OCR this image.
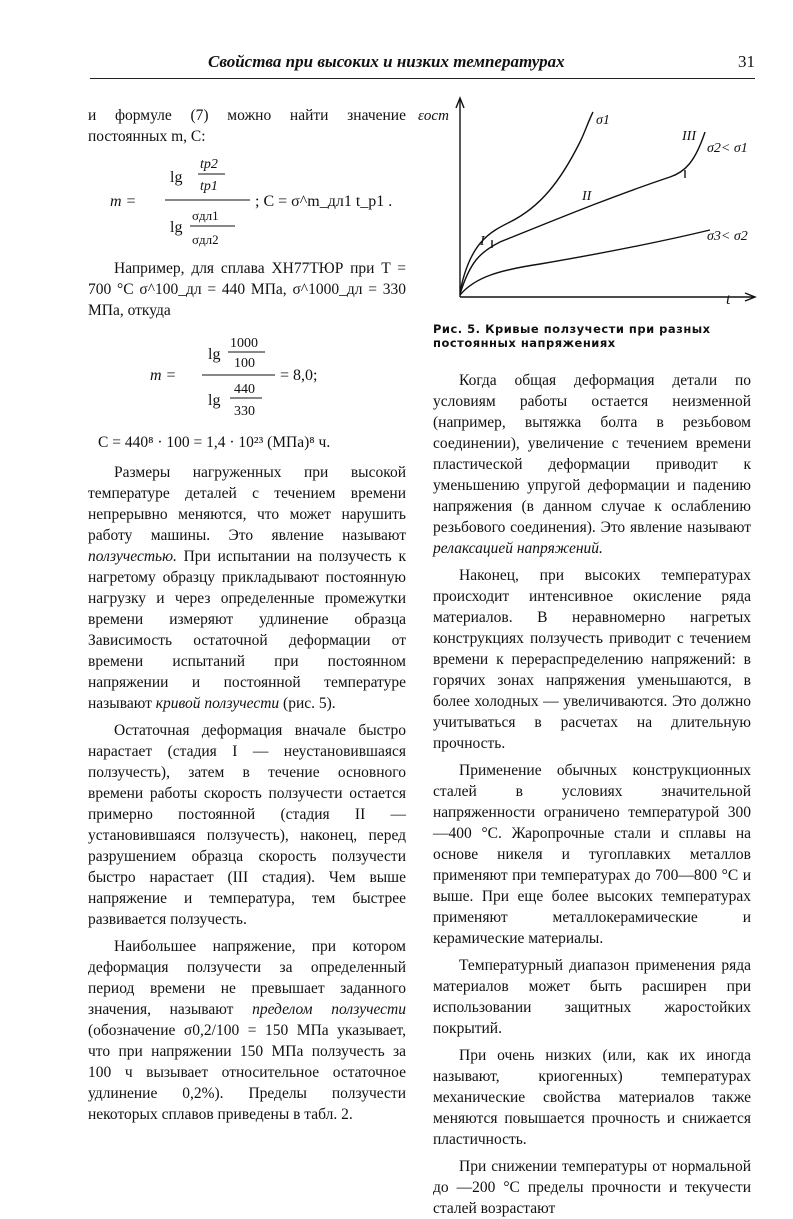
Свойства при высоких и низких температурах	31

и формуле (7) можно найти значение постоянных m, C:

m =
lg
tp2
tp1
lg
σдл1
σдл2
; C = σ^m_дл1 t_p1 .

Например, для сплава ХН77ТЮР при T = 700 °C σ^100_дл = 440 МПа, σ^1000_дл = 330 МПа, откуда

m =
lg
1000
100
lg
440
330
= 8,0;
C = 440⁸ · 100 = 1,4 · 10²³ (МПа)⁸ ч.

Размеры нагруженных при высокой температуре деталей с течением времени непрерывно меняются, что может нарушить работу машины. Это явление называют ползучестью. При испытании на ползучесть к нагретому образцу прикладывают постоянную нагрузку и через определенные промежутки времени измеряют удлинение образца Зависимость остаточной деформации от времени испытаний при постоянном напряжении и постоянной температуре называют кривой ползучести (рис. 5).

Остаточная деформация вначале быстро нарастает (стадия I — неустановившаяся ползучесть), затем в течение основного времени работы скорость ползучести остается примерно постоянной (стадия II — установившаяся ползучесть), наконец, перед разрушением образца скорость ползучести быстро нарастает (III стадия). Чем выше напряжение и температура, тем быстрее развивается ползучесть.

Наибольшее напряжение, при котором деформация ползучести за определенный период времени не превышает заданного значения, называют пределом ползучести (обозначение σ0,2/100 = 150 МПа указывает, что при напряжении 150 МПа ползучесть за 100 ч вызывает относительное остаточное удлинение 0,2%). Пределы ползучести некоторых сплавов приведены в табл. 2.

εост
t
σ1
σ2< σ1
σ3< σ2
I
II
III
Рис. 5. Кривые ползучести при разных постоянных напряжениях

Когда общая деформация детали по условиям работы остается неизменной (например, вытяжка болта в резьбовом соединении), увеличение с течением времени пластической деформации приводит к уменьшению упругой деформации и падению напряжения (в данном случае к ослаблению резьбового соединения). Это явление называют релаксацией напряжений.

Наконец, при высоких температурах происходит интенсивное окисление ряда материалов. В неравномерно нагретых конструкциях ползучесть приводит с течением времени к перераспределению напряжений: в горячих зонах напряжения уменьшаются, в более холодных — увеличиваются. Это должно учитываться в расчетах на длительную прочность.

Применение обычных конструкционных сталей в условиях значительной напряженности ограничено температурой 300—400 °C. Жаропрочные стали и сплавы на основе никеля и тугоплавких металлов применяют при температурах до 700—800 °C и выше. При еще более высоких температурах применяют металлокерамические и керамические материалы.

Температурный диапазон применения ряда материалов может быть расширен при использовании защитных жаростойких покрытий.

При очень низких (или, как их иногда называют, криогенных) температурах механические свойства материалов также меняются повышается прочность и снижается пластичность.

При снижении температуры от нормальной до —200 °C пределы прочности и текучести сталей возрастают
